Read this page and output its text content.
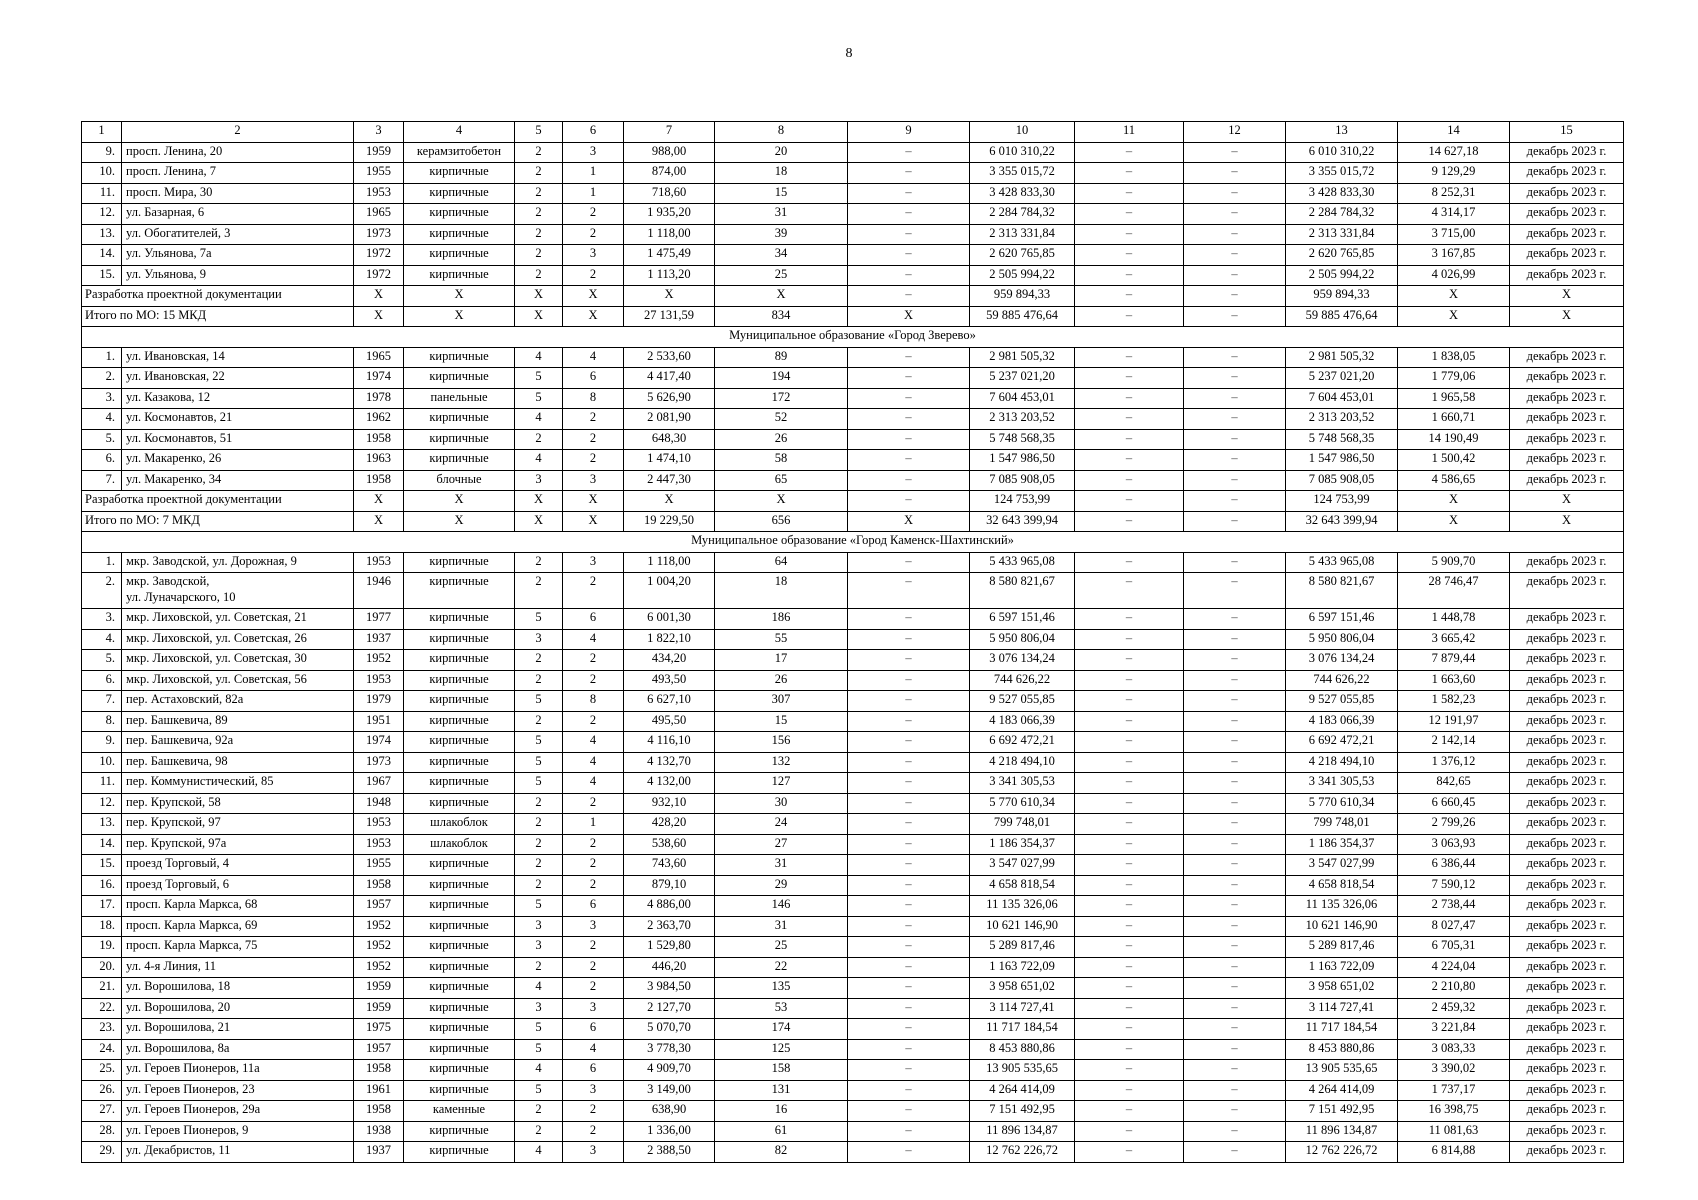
8
1	2	3	4	5	6	7	8	9	10	11	12	13	14	15
9.	просп. Ленина, 20	1959	керамзитобетон	2	3	988,00	20	–	6 010 310,22	–	–	6 010 310,22	14 627,18	декабрь 2023 г.
10.	просп. Ленина, 7	1955	кирпичные	2	1	874,00	18	–	3 355 015,72	–	–	3 355 015,72	9 129,29	декабрь 2023 г.
11.	просп. Мира, 30	1953	кирпичные	2	1	718,60	15	–	3 428 833,30	–	–	3 428 833,30	8 252,31	декабрь 2023 г.
12.	ул. Базарная, 6	1965	кирпичные	2	2	1 935,20	31	–	2 284 784,32	–	–	2 284 784,32	4 314,17	декабрь 2023 г.
13.	ул. Обогатителей, 3	1973	кирпичные	2	2	1 118,00	39	–	2 313 331,84	–	–	2 313 331,84	3 715,00	декабрь 2023 г.
14.	ул. Ульянова, 7а	1972	кирпичные	2	3	1 475,49	34	–	2 620 765,85	–	–	2 620 765,85	3 167,85	декабрь 2023 г.
15.	ул. Ульянова, 9	1972	кирпичные	2	2	1 113,20	25	–	2 505 994,22	–	–	2 505 994,22	4 026,99	декабрь 2023 г.
Разработка проектной документации		X	X	X	X	X	X	–	959 894,33	–	–	959 894,33	X	X
Итого по МО: 15 МКД		X	X	X	X	27 131,59	834	X	59 885 476,64	–	–	59 885 476,64	X	X
Муниципальное образование «Город Зверево»														
1.	ул. Ивановская, 14	1965	кирпичные	4	4	2 533,60	89	–	2 981 505,32	–	–	2 981 505,32	1 838,05	декабрь 2023 г.
2.	ул. Ивановская, 22	1974	кирпичные	5	6	4 417,40	194	–	5 237 021,20	–	–	5 237 021,20	1 779,06	декабрь 2023 г.
3.	ул. Казакова, 12	1978	панельные	5	8	5 626,90	172	–	7 604 453,01	–	–	7 604 453,01	1 965,58	декабрь 2023 г.
4.	ул. Космонавтов, 21	1962	кирпичные	4	2	2 081,90	52	–	2 313 203,52	–	–	2 313 203,52	1 660,71	декабрь 2023 г.
5.	ул. Космонавтов, 51	1958	кирпичные	2	2	648,30	26	–	5 748 568,35	–	–	5 748 568,35	14 190,49	декабрь 2023 г.
6.	ул. Макаренко, 26	1963	кирпичные	4	2	1 474,10	58	–	1 547 986,50	–	–	1 547 986,50	1 500,42	декабрь 2023 г.
7.	ул. Макаренко, 34	1958	блочные	3	3	2 447,30	65	–	7 085 908,05	–	–	7 085 908,05	4 586,65	декабрь 2023 г.
Разработка проектной документации		X	X	X	X	X	X	–	124 753,99	–	–	124 753,99	X	X
Итого по МО: 7 МКД		X	X	X	X	19 229,50	656	X	32 643 399,94	–	–	32 643 399,94	X	X
Муниципальное образование «Город Каменск-Шахтинский»														
1.	мкр. Заводской, ул. Дорожная, 9	1953	кирпичные	2	3	1 118,00	64	–	5 433 965,08	–	–	5 433 965,08	5 909,70	декабрь 2023 г.
2.	мкр. Заводской,
ул. Луначарского, 10	1946	кирпичные	2	2	1 004,20	18	–	8 580 821,67	–	–	8 580 821,67	28 746,47	декабрь 2023 г.
3.	мкр. Лиховской, ул. Советская, 21	1977	кирпичные	5	6	6 001,30	186	–	6 597 151,46	–	–	6 597 151,46	1 448,78	декабрь 2023 г.
4.	мкр. Лиховской, ул. Советская, 26	1937	кирпичные	3	4	1 822,10	55	–	5 950 806,04	–	–	5 950 806,04	3 665,42	декабрь 2023 г.
5.	мкр. Лиховской, ул. Советская, 30	1952	кирпичные	2	2	434,20	17	–	3 076 134,24	–	–	3 076 134,24	7 879,44	декабрь 2023 г.
6.	мкр. Лиховской, ул. Советская, 56	1953	кирпичные	2	2	493,50	26	–	744 626,22	–	–	744 626,22	1 663,60	декабрь 2023 г.
7.	пер. Астаховский, 82а	1979	кирпичные	5	8	6 627,10	307	–	9 527 055,85	–	–	9 527 055,85	1 582,23	декабрь 2023 г.
8.	пер. Башкевича, 89	1951	кирпичные	2	2	495,50	15	–	4 183 066,39	–	–	4 183 066,39	12 191,97	декабрь 2023 г.
9.	пер. Башкевича, 92а	1974	кирпичные	5	4	4 116,10	156	–	6 692 472,21	–	–	6 692 472,21	2 142,14	декабрь 2023 г.
10.	пер. Башкевича, 98	1973	кирпичные	5	4	4 132,70	132	–	4 218 494,10	–	–	4 218 494,10	1 376,12	декабрь 2023 г.
11.	пер. Коммунистический, 85	1967	кирпичные	5	4	4 132,00	127	–	3 341 305,53	–	–	3 341 305,53	842,65	декабрь 2023 г.
12.	пер. Крупской, 58	1948	кирпичные	2	2	932,10	30	–	5 770 610,34	–	–	5 770 610,34	6 660,45	декабрь 2023 г.
13.	пер. Крупской, 97	1953	шлакоблок	2	1	428,20	24	–	799 748,01	–	–	799 748,01	2 799,26	декабрь 2023 г.
14.	пер. Крупской, 97а	1953	шлакоблок	2	2	538,60	27	–	1 186 354,37	–	–	1 186 354,37	3 063,93	декабрь 2023 г.
15.	проезд Торговый, 4	1955	кирпичные	2	2	743,60	31	–	3 547 027,99	–	–	3 547 027,99	6 386,44	декабрь 2023 г.
16.	проезд Торговый, 6	1958	кирпичные	2	2	879,10	29	–	4 658 818,54	–	–	4 658 818,54	7 590,12	декабрь 2023 г.
17.	просп. Карла Маркса, 68	1957	кирпичные	5	6	4 886,00	146	–	11 135 326,06	–	–	11 135 326,06	2 738,44	декабрь 2023 г.
18.	просп. Карла Маркса, 69	1952	кирпичные	3	3	2 363,70	31	–	10 621 146,90	–	–	10 621 146,90	8 027,47	декабрь 2023 г.
19.	просп. Карла Маркса, 75	1952	кирпичные	3	2	1 529,80	25	–	5 289 817,46	–	–	5 289 817,46	6 705,31	декабрь 2023 г.
20.	ул. 4-я Линия, 11	1952	кирпичные	2	2	446,20	22	–	1 163 722,09	–	–	1 163 722,09	4 224,04	декабрь 2023 г.
21.	ул. Ворошилова, 18	1959	кирпичные	4	2	3 984,50	135	–	3 958 651,02	–	–	3 958 651,02	2 210,80	декабрь 2023 г.
22.	ул. Ворошилова, 20	1959	кирпичные	3	3	2 127,70	53	–	3 114 727,41	–	–	3 114 727,41	2 459,32	декабрь 2023 г.
23.	ул. Ворошилова, 21	1975	кирпичные	5	6	5 070,70	174	–	11 717 184,54	–	–	11 717 184,54	3 221,84	декабрь 2023 г.
24.	ул. Ворошилова, 8а	1957	кирпичные	5	4	3 778,30	125	–	8 453 880,86	–	–	8 453 880,86	3 083,33	декабрь 2023 г.
25.	ул. Героев Пионеров, 11а	1958	кирпичные	4	6	4 909,70	158	–	13 905 535,65	–	–	13 905 535,65	3 390,02	декабрь 2023 г.
26.	ул. Героев Пионеров, 23	1961	кирпичные	5	3	3 149,00	131	–	4 264 414,09	–	–	4 264 414,09	1 737,17	декабрь 2023 г.
27.	ул. Героев Пионеров, 29а	1958	каменные	2	2	638,90	16	–	7 151 492,95	–	–	7 151 492,95	16 398,75	декабрь 2023 г.
28.	ул. Героев Пионеров, 9	1938	кирпичные	2	2	1 336,00	61	–	11 896 134,87	–	–	11 896 134,87	11 081,63	декабрь 2023 г.
29.	ул. Декабристов, 11	1937	кирпичные	4	3	2 388,50	82	–	12 762 226,72	–	–	12 762 226,72	6 814,88	декабрь 2023 г.
